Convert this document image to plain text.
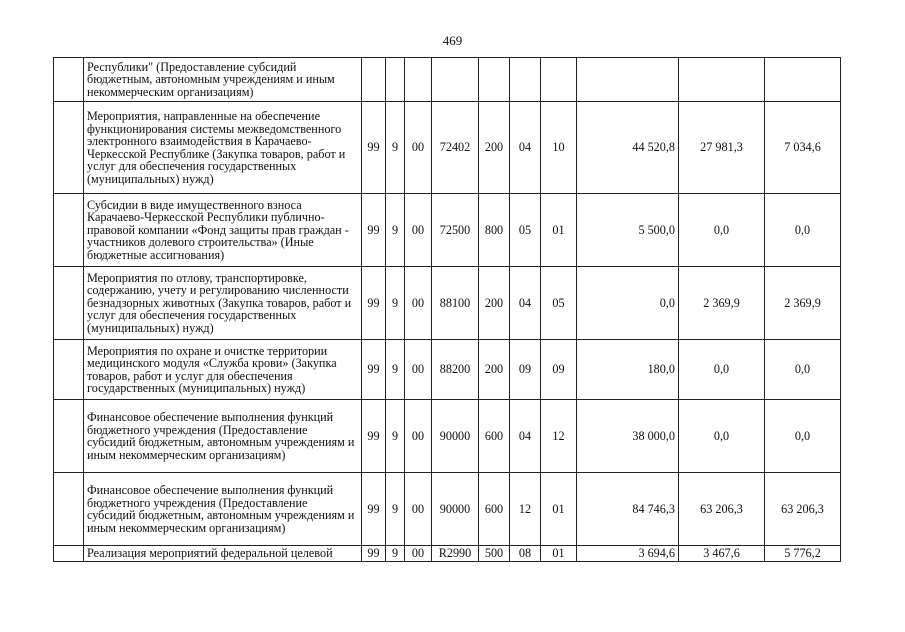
469
	Республики" (Предоставление субсидий бюджетным, автономным учреждениям и иным некоммерческим организациям)										
	Мероприятия, направленные на обеспечение функционирования системы межведомственного электронного взаимодействия в Карачаево-Черкесской Республике (Закупка товаров, работ и услуг для обеспечения государственных (муниципальных) нужд)	99	9	00	72402	200	04	10	44 520,8	27 981,3	7 034,6
	Субсидии в виде имущественного взноса Карачаево-Черкесской Республики публично-правовой компании «Фонд защиты прав граждан - участников долевого строительства» (Иные бюджетные ассигнования)	99	9	00	72500	800	05	01	5 500,0	0,0	0,0
	Мероприятия по отлову, транспортировке, содержанию, учету и регулированию численности безнадзорных животных (Закупка товаров, работ и услуг для обеспечения государственных (муниципальных) нужд)	99	9	00	88100	200	04	05	0,0	2 369,9	2 369,9
	Мероприятия по охране и очистке территории медицинского модуля «Служба крови» (Закупка товаров, работ и услуг для обеспечения государственных (муниципальных) нужд)	99	9	00	88200	200	09	09	180,0	0,0	0,0
	Финансовое обеспечение выполнения функций бюджетного учреждения (Предоставление субсидий бюджетным, автономным учреждениям и иным некоммерческим организациям)	99	9	00	90000	600	04	12	38 000,0	0,0	0,0
	Финансовое обеспечение выполнения функций бюджетного учреждения (Предоставление субсидий бюджетным, автономным учреждениям и иным некоммерческим организациям)	99	9	00	90000	600	12	01	84 746,3	63 206,3	63 206,3
	Реализация мероприятий федеральной целевой	99	9	00	R2990	500	08	01	3 694,6	3 467,6	5 776,2
